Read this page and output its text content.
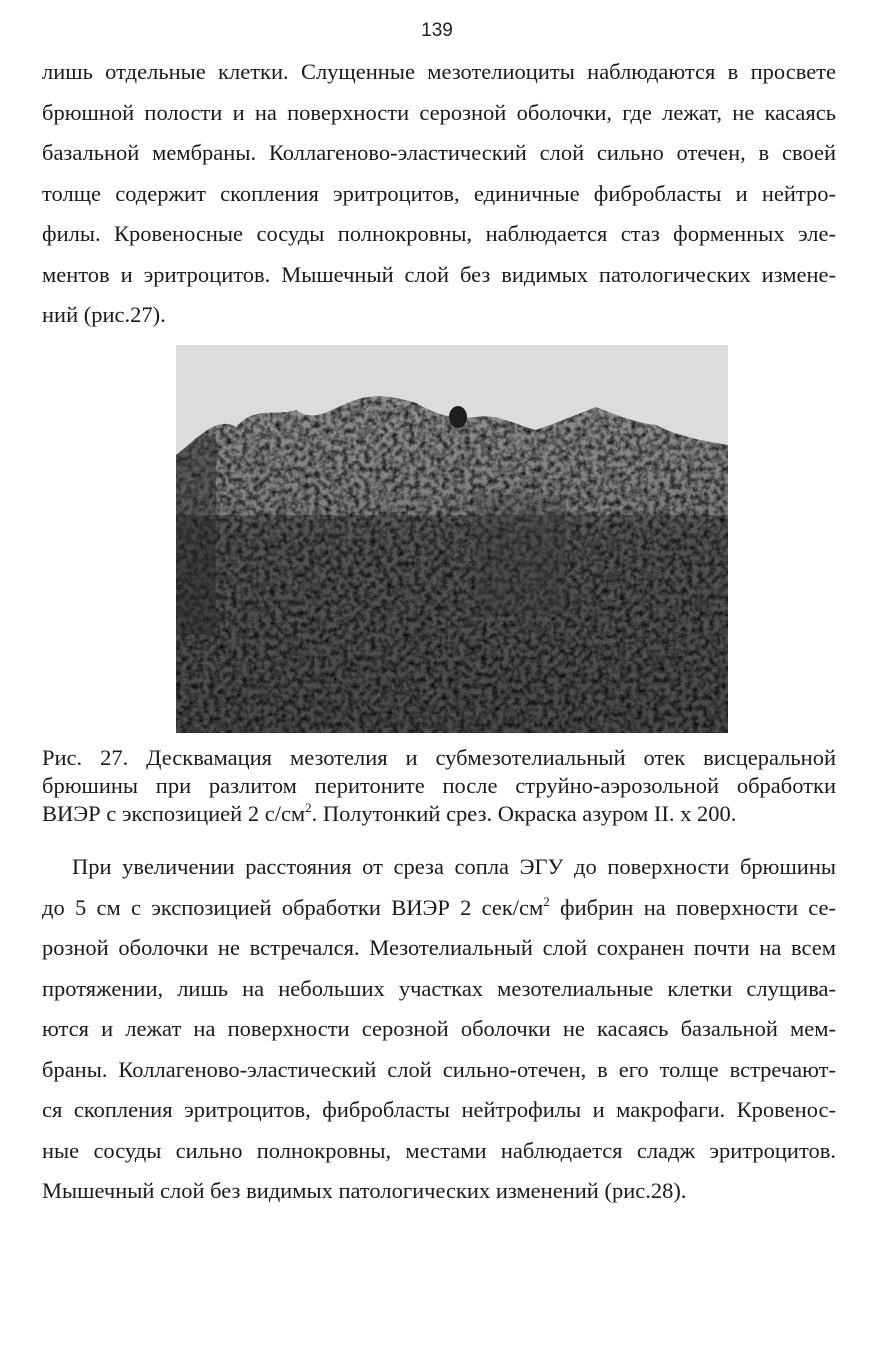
139
лишь отдельные клетки. Слущенные мезотелиоциты наблюдаются в просвете
брюшной полости и на поверхности серозной оболочки, где лежат, не касаясь
базальной мембраны. Коллагеново-эластический слой сильно отечен, в своей
толще содержит скопления эритроцитов, единичные фибробласты и нейтро-
филы. Кровеносные сосуды полнокровны, наблюдается стаз форменных эле-
ментов и эритроцитов. Мышечный слой без видимых патологических измене-
ний (рис.27).
Рис. 27. Десквамация мезотелия и субмезотелиальный отек висцеральной
брюшины при разлитом перитоните после струйно-аэрозольной обработки
ВИЭР с экспозицией 2 $с/см^2$. Полутонкий срез. Окраска азуром II. х 200.
При увеличении расстояния от среза сопла ЭГУ до поверхности брюшины
до 5 см с экспозицией обработки ВИЭР 2 сек/$см^2$ фибрин на поверхности се-
розной оболочки не встречался. Мезотелиальный слой сохранен почти на всем
протяжении, лишь на небольших участках мезотелиальные клетки слущива-
ются и лежат на поверхности серозной оболочки не касаясь базальной мем-
браны. Коллагеново-эластический слой сильно-отечен, в его толще встречают-
ся скопления эритроцитов, фибробласты нейтрофилы и макрофаги. Кровенос-
ные сосуды сильно полнокровны, местами наблюдается сладж эритроцитов.
Мышечный слой без видимых патологических изменений (рис.28).
